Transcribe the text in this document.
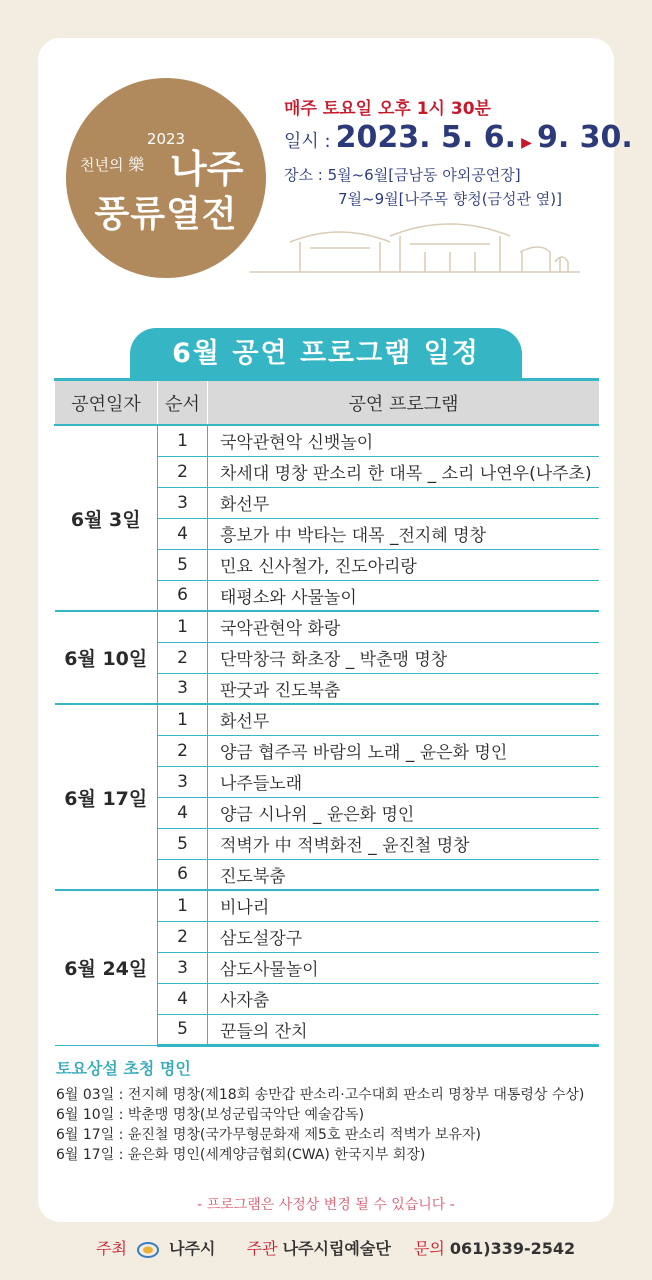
2023
천년의 樂 나주
풍류열전
매주 토요일 오후 1시 30분
일시 : 2023. 5. 6. ▶ 9. 30.
장소 : 5월~6월[금남동 야외공연장]
7월~9월[나주목 향청(금성관 옆)]
6월 공연 프로그램 일정
공연일자	순서	공연 프로그램
6월 3일	1	국악관현악 신뱃놀이
	2	차세대 명창 판소리 한 대목 _ 소리 나연우(나주초)
	3	화선무
	4	흥보가 中 박타는 대목 _전지혜 명창
	5	민요 신사철가, 진도아리랑
	6	태평소와 사물놀이
6월 10일	1	국악관현악 화랑
	2	단막창극 화초장 _ 박춘맹 명창
	3	판굿과 진도북춤
6월 17일	1	화선무
	2	양금 협주곡 바람의 노래 _ 윤은화 명인
	3	나주들노래
	4	양금 시나위 _ 윤은화 명인
	5	적벽가 中 적벽화전 _ 윤진철 명창
	6	진도북춤
6월 24일	1	비나리
	2	삼도설장구
	3	삼도사물놀이
	4	사자춤
	5	꾼들의 잔치
토요상설 초청 명인
6월 03일 : 전지혜 명창(제18회 송만갑 판소리·고수대회 판소리 명창부 대통령상 수상)
6월 10일 : 박춘맹 명창(보성군립국악단 예술감독)
6월 17일 : 윤진철 명창(국가무형문화재 제5호 판소리 적벽가 보유자)
6월 17일 : 윤은화 명인(세계양금협회(CWA) 한국지부 회장)
- 프로그램은 사정상 변경 될 수 있습니다 -
주최	나주시 주관 나주시립예술단 문의 061)339-2542
